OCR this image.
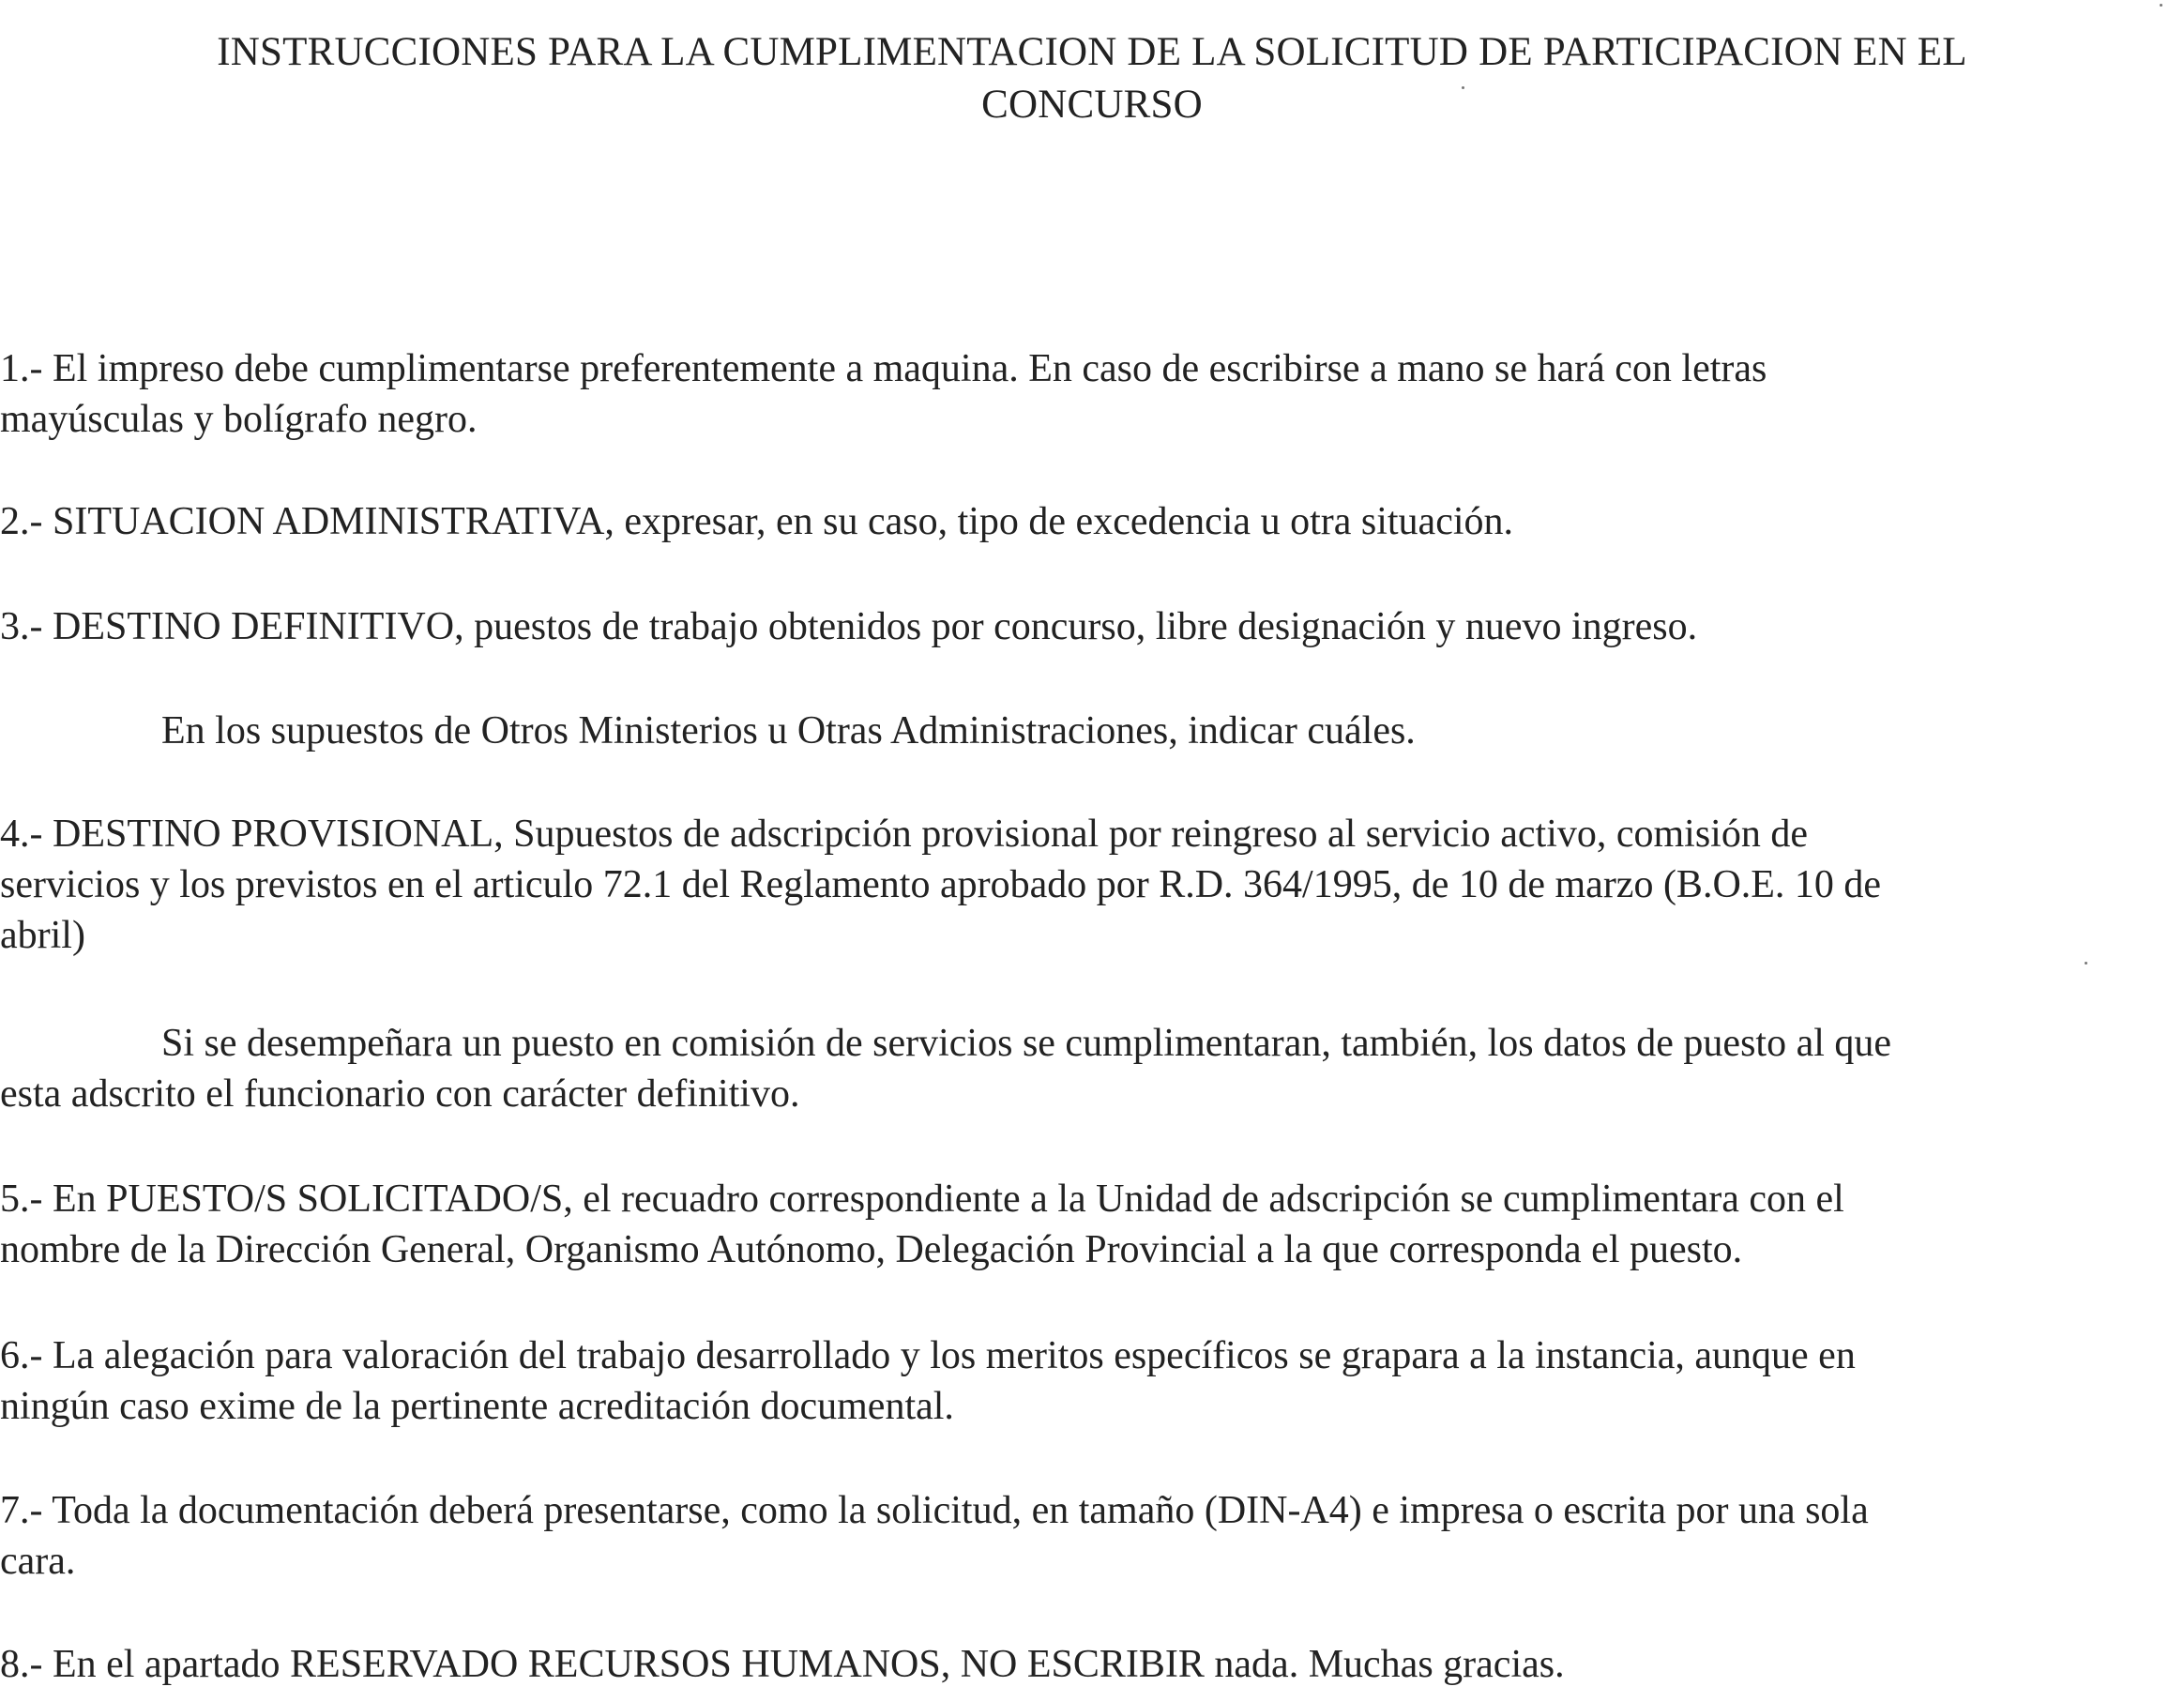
INSTRUCCIONES PARA LA CUMPLIMENTACION DE LA SOLICITUD DE PARTICIPACION EN EL
CONCURSO
1.- El impreso debe cumplimentarse preferentemente a maquina. En caso de escribirse a mano se hará con letras
mayúsculas y bolígrafo negro.
2.- SITUACION ADMINISTRATIVA, expresar, en su caso, tipo de excedencia u otra situación.
3.- DESTINO DEFINITIVO, puestos de trabajo obtenidos por concurso, libre designación y nuevo ingreso.
En los supuestos de Otros Ministerios u Otras Administraciones, indicar cuáles.
4.- DESTINO PROVISIONAL, Supuestos de adscripción provisional por reingreso al servicio activo, comisión de
servicios y los previstos en el articulo 72.1 del Reglamento aprobado por R.D. 364/1995, de 10 de marzo (B.O.E. 10 de
abril)
Si se desempeñara un puesto en comisión de servicios se cumplimentaran, también, los datos de puesto al que
esta adscrito el funcionario con carácter definitivo.
5.- En PUESTO/S SOLICITADO/S, el recuadro correspondiente a la Unidad de adscripción se cumplimentara con el
nombre de la Dirección General, Organismo Autónomo, Delegación Provincial a la que corresponda el puesto.
6.- La alegación para valoración del trabajo desarrollado y los meritos específicos se grapara a la instancia, aunque en
ningún caso exime de la pertinente acreditación documental.
7.- Toda la documentación deberá presentarse, como la solicitud, en tamaño (DIN-A4) e impresa o escrita por una sola
cara.
8.- En el apartado RESERVADO RECURSOS HUMANOS, NO ESCRIBIR nada. Muchas gracias.
